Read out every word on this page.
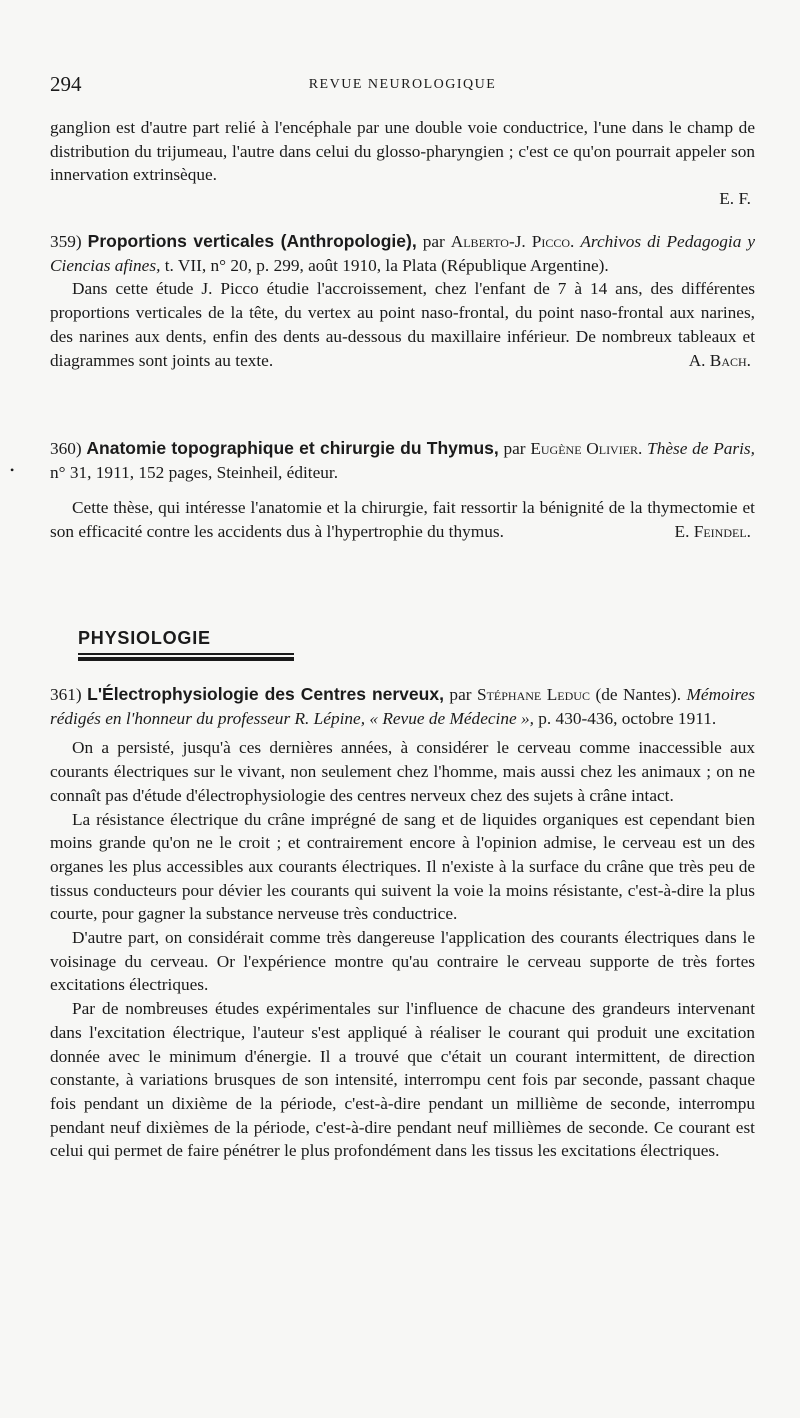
294	REVUE NEUROLOGIQUE

ganglion est d'autre part relié à l'encéphale par une double voie conductrice, l'une dans le champ de distribution du trijumeau, l'autre dans celui du glosso-pharyngien ; c'est ce qu'on pourrait appeler son innervation extrinsèque.

E. F.

359) Proportions verticales (Anthropologie), par Alberto-J. Picco. Archivos di Pedagogia y Ciencias afines, t. VII, n° 20, p. 299, août 1910, la Plata (République Argentine).

Dans cette étude J. Picco étudie l'accroissement, chez l'enfant de 7 à 14 ans, des différentes proportions verticales de la tête, du vertex au point naso-frontal, du point naso-frontal aux narines, des narines aux dents, enfin des dents au-dessous du maxillaire inférieur. De nombreux tableaux et diagrammes sont joints au texte.	A. Bach.

360) Anatomie topographique et chirurgie du Thymus, par Eugène Olivier. Thèse de Paris, n° 31, 1911, 152 pages, Steinheil, éditeur.

Cette thèse, qui intéresse l'anatomie et la chirurgie, fait ressortir la bénignité de la thymectomie et son efficacité contre les accidents dus à l'hypertrophie du thymus.	E. Feindel.

PHYSIOLOGIE

361) L'Électrophysiologie des Centres nerveux, par Stéphane Leduc (de Nantes). Mémoires rédigés en l'honneur du professeur R. Lépine, « Revue de Médecine », p. 430-436, octobre 1911.

On a persisté, jusqu'à ces dernières années, à considérer le cerveau comme inaccessible aux courants électriques sur le vivant, non seulement chez l'homme, mais aussi chez les animaux ; on ne connaît pas d'étude d'électrophysiologie des centres nerveux chez des sujets à crâne intact.

La résistance électrique du crâne imprégné de sang et de liquides organiques est cependant bien moins grande qu'on ne le croit ; et contrairement encore à l'opinion admise, le cerveau est un des organes les plus accessibles aux courants électriques. Il n'existe à la surface du crâne que très peu de tissus conducteurs pour dévier les courants qui suivent la voie la moins résistante, c'est-à-dire la plus courte, pour gagner la substance nerveuse très conductrice.

D'autre part, on considérait comme très dangereuse l'application des courants électriques dans le voisinage du cerveau. Or l'expérience montre qu'au contraire le cerveau supporte de très fortes excitations électriques.

Par de nombreuses études expérimentales sur l'influence de chacune des grandeurs intervenant dans l'excitation électrique, l'auteur s'est appliqué à réaliser le courant qui produit une excitation donnée avec le minimum d'énergie. Il a trouvé que c'était un courant intermittent, de direction constante, à variations brusques de son intensité, interrompu cent fois par seconde, passant chaque fois pendant un dixième de la période, c'est-à-dire pendant un millième de seconde, interrompu pendant neuf dixièmes de la période, c'est-à-dire pendant neuf millièmes de seconde. Ce courant est celui qui permet de faire pénétrer le plus profondément dans les tissus les excitations électriques.

•
